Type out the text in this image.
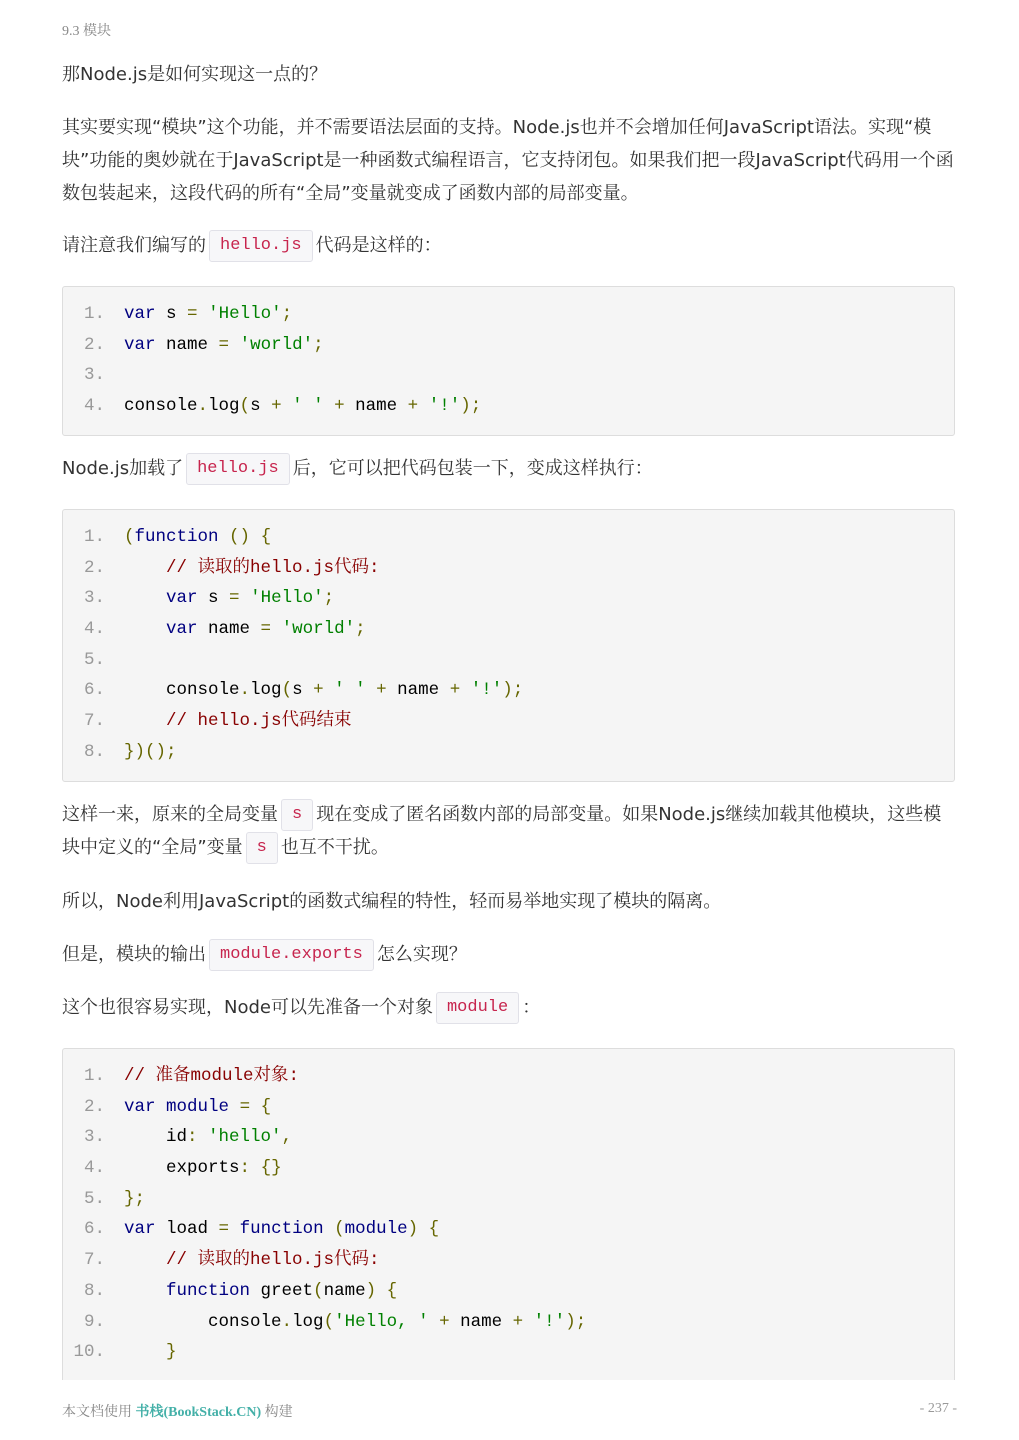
9.3 模块

那Node.js是如何实现这一点的？

其实要实现“模块”这个功能，并不需要语法层面的支持。Node.js也并不会增加任何JavaScript语法。实现“模块”功能的奥妙就在于JavaScript是一种函数式编程语言，它支持闭包。如果我们把一段JavaScript代码用一个函数包装起来，这段代码的所有“全局”变量就变成了函数内部的局部变量。

请注意我们编写的 hello.js 代码是这样的：

1. var s = 'Hello';
2. var name = 'world';
3.
4. console.log(s + ' ' + name + '!');

Node.js加载了 hello.js 后，它可以把代码包装一下，变成这样执行：

1. (function () {
2.	// 读取的hello.js代码:
3.	var s = 'Hello';
4.	var name = 'world';
5.
6. console.log(s + ' ' + name + '!');
7.	// hello.js代码结束
8. })();

这样一来，原来的全局变量 s 现在变成了匿名函数内部的局部变量。如果Node.js继续加载其他模块，这些模块中定义的“全局”变量 s 也互不干扰。

所以，Node利用JavaScript的函数式编程的特性，轻而易举地实现了模块的隔离。

但是，模块的输出 module.exports 怎么实现？

这个也很容易实现，Node可以先准备一个对象 module ：

1. // 准备module对象:
2. var module = {
3. id: 'hello',
4. exports: {}
5. };
6. var load = function (module) {
7.	// 读取的hello.js代码:
8.	function greet(name) {
9. console.log('Hello, ' + name + '!');
10.	}
本文档使用 书栈(BookStack.CN) 构建	- 237 -
